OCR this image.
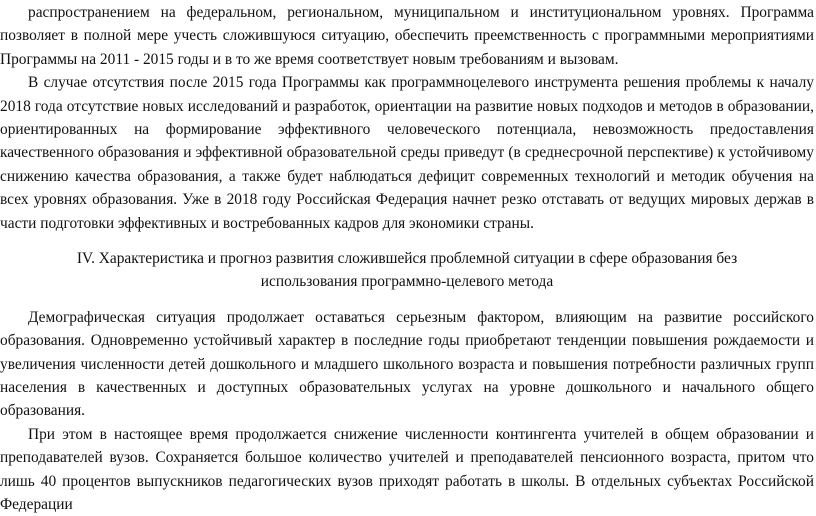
распространением на федеральном, региональном, муниципальном и институциональном уровнях. Программа
позволяет в полной мере учесть сложившуюся ситуацию, обеспечить преемственность с программными мероприятиями
Программы на 2011 - 2015 годы и в то же время соответствует новым требованиям и вызовам.
В случае отсутствия после 2015 года Программы как программноцелевого инструмента решения проблемы к началу
2018 года отсутствие новых исследований и разработок, ориентации на развитие новых подходов и методов в образовании,
ориентированных на формирование эффективного человеческого потенциала, невозможность предоставления
качественного образования и эффективной образовательной среды приведут (в среднесрочной перспективе) к устойчивому
снижению качества образования, а также будет наблюдаться дефицит современных технологий и методик обучения на
всех уровнях образования. Уже в 2018 году Российская Федерация начнет резко отставать от ведущих мировых держав в
части подготовки эффективных и востребованных кадров для экономики страны.
IV. Характеристика и прогноз развития сложившейся проблемной ситуации в сфере образования без
использования программно-целевого метода
Демографическая ситуация продолжает оставаться серьезным фактором, влияющим на развитие российского
образования. Одновременно устойчивый характер в последние годы приобретают тенденции повышения рождаемости и
увеличения численности детей дошкольного и младшего школьного возраста и повышения потребности различных групп
населения в качественных и доступных образовательных услугах на уровне дошкольного и начального общего
образования.
При этом в настоящее время продолжается снижение численности контингента учителей в общем образовании и
преподавателей вузов. Сохраняется большое количество учителей и преподавателей пенсионного возраста, притом что
лишь 40 процентов выпускников педагогических вузов приходят работать в школы. В отдельных субъектах Российской
Федерации
